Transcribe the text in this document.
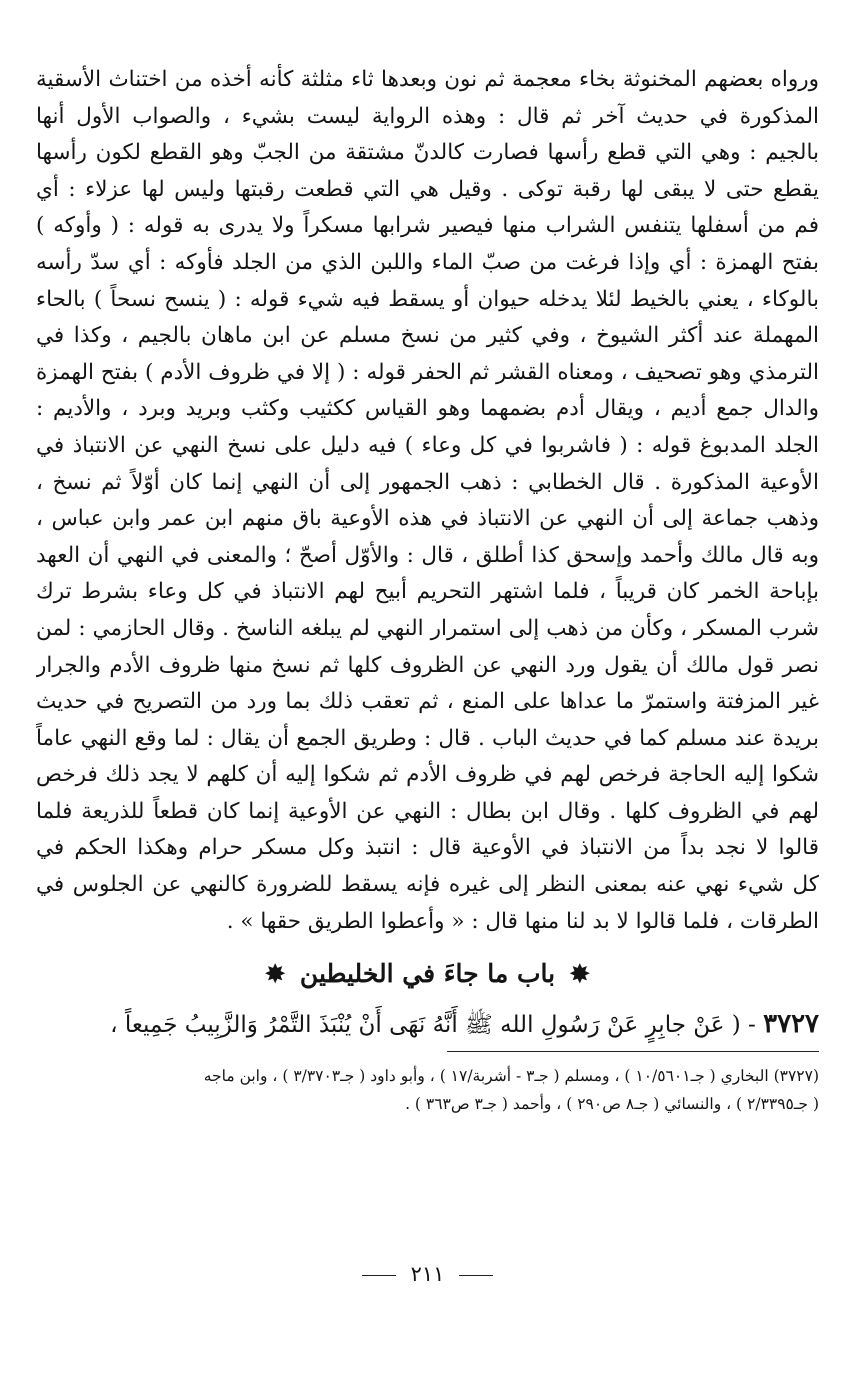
ورواه بعضهم المخنوثة بخاء معجمة ثم نون وبعدها ثاء مثلثة كأنه أخذه من اختناث الأسقية
المذكورة في حديث آخر ثم قال : وهذه الرواية ليست بشيء ، والصواب الأول أنها
بالجيم : وهي التي قطع رأسها فصارت كالدنّ مشتقة من الجبّ وهو القطع لكون رأسها
يقطع حتى لا يبقى لها رقبة توكى . وقيل هي التي قطعت رقبتها وليس لها عزلاء : أي
فم من أسفلها يتنفس الشراب منها فيصير شرابها مسكراً ولا يدرى به قوله : ( وأوكه )
بفتح الهمزة : أي وإذا فرغت من صبّ الماء واللبن الذي من الجلد فأوكه : أي سدّ رأسه
بالوكاء ، يعني بالخيط لئلا يدخله حيوان أو يسقط فيه شيء قوله : ( ينسح نسحاً ) بالحاء
المهملة عند أكثر الشيوخ ، وفي كثير من نسخ مسلم عن ابن ماهان بالجيم ، وكذا في
الترمذي وهو تصحيف ، ومعناه القشر ثم الحفر قوله : ( إلا في ظروف الأدم ) بفتح الهمزة
والدال جمع أديم ، ويقال أدم بضمهما وهو القياس ككثيب وكثب وبريد وبرد ، والأديم :
الجلد المدبوغ قوله : ( فاشربوا في كل وعاء ) فيه دليل على نسخ النهي عن الانتباذ في
الأوعية المذكورة . قال الخطابي : ذهب الجمهور إلى أن النهي إنما كان أوّلاً ثم نسخ ،
وذهب جماعة إلى أن النهي عن الانتباذ في هذه الأوعية باق منهم ابن عمر وابن عباس ،
وبه قال مالك وأحمد وإسحق كذا أطلق ، قال : والأوّل أصحّ ؛ والمعنى في النهي أن العهد
بإباحة الخمر كان قريباً ، فلما اشتهر التحريم أبيح لهم الانتباذ في كل وعاء بشرط ترك
شرب المسكر ، وكأن من ذهب إلى استمرار النهي لم يبلغه الناسخ . وقال الحازمي : لمن
نصر قول مالك أن يقول ورد النهي عن الظروف كلها ثم نسخ منها ظروف الأدم والجرار
غير المزفتة واستمرّ ما عداها على المنع ، ثم تعقب ذلك بما ورد من التصريح في حديث
بريدة عند مسلم كما في حديث الباب . قال : وطريق الجمع أن يقال : لما وقع النهي عاماً
شكوا إليه الحاجة فرخص لهم في ظروف الأدم ثم شكوا إليه أن كلهم لا يجد ذلك فرخص
لهم في الظروف كلها . وقال ابن بطال : النهي عن الأوعية إنما كان قطعاً للذريعة فلما
قالوا لا نجد بداً من الانتباذ في الأوعية قال : انتبذ وكل مسكر حرام وهكذا الحكم في
كل شيء نهي عنه بمعنى النظر إلى غيره فإنه يسقط للضرورة كالنهي عن الجلوس في
الطرقات ، فلما قالوا لا بد لنا منها قال : « وأعطوا الطريق حقها » .
✸ باب ما جاءَ في الخليطين ✸
٣٧٢٧ - ( عَنْ جابِرٍ عَنْ رَسُولِ الله ﷺ أَنَّهُ نَهَى أَنْ يُنْبَذَ التَّمْرُ وَالزَّبِيبُ جَمِيعاً ،

(٣٧٢٧) البخاري ( جـ١٠/٥٦٠١ ) ، ومسلم ( جـ٣ - أشربة/١٧ ) ، وأبو داود ( جـ٣/٣٧٠٣ ) ، وابن ماجه

( جـ٢/٣٣٩٥ ) ، والنسائي ( جـ٨ ص٢٩٠ ) ، وأحمد ( جـ٣ ص٣٦٣ ) .

٢١١
